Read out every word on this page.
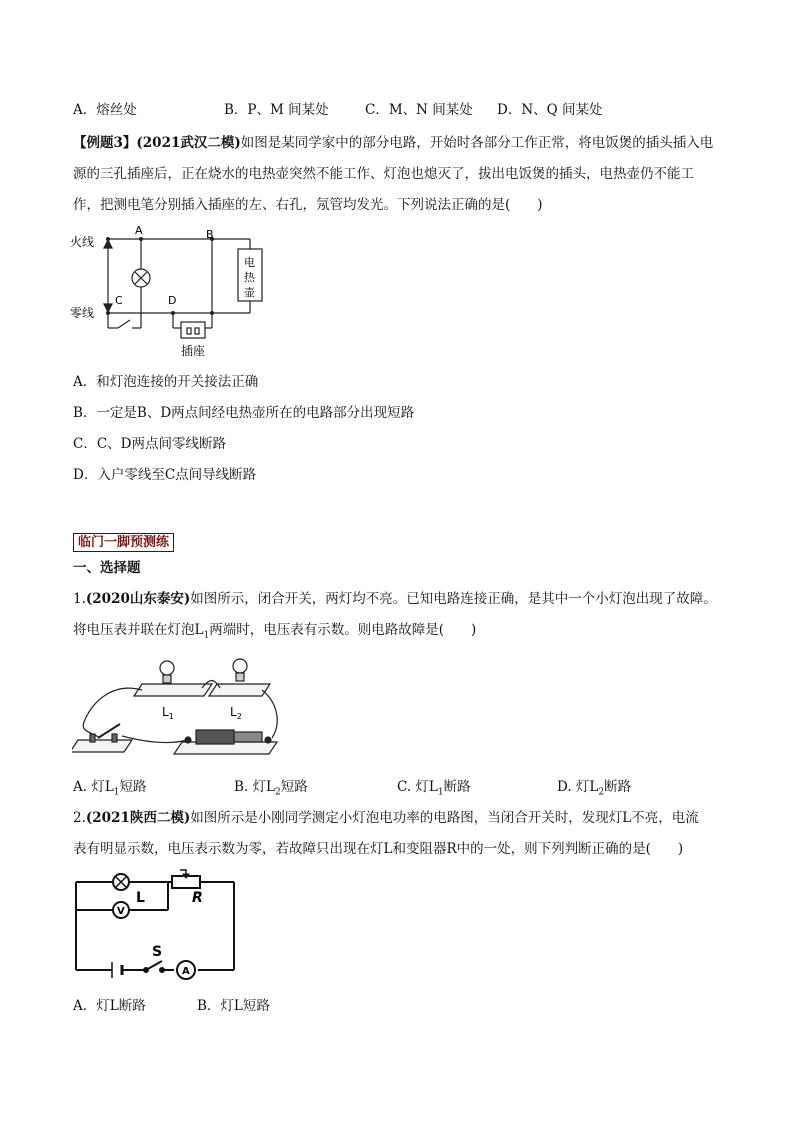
A．熔丝处	B．P、M 间某处	C．M、N 间某处 D．N、Q 间某处
【例题3】(2021武汉二模)如图是某同学家中的部分电路，开始时各部分工作正常，将电饭煲的插头插入电
源的三孔插座后，正在烧水的电热壶突然不能工作、灯泡也熄灭了，拔出电饭煲的插头，电热壶仍不能工
作，把测电笔分别插入插座的左、右孔，氖管均发光。下列说法正确的是(　　)
火线
零线
A	B
C	D
电
热
壶
插座
A．和灯泡连接的开关接法正确
B．一定是B、D两点间经电热壶所在的电路部分出现短路
C．C、D两点间零线断路
D．入户零线至C点间导线断路
临门一脚预测练
一、选择题
1.(2020山东泰安)如图所示，闭合开关，两灯均不亮。已知电路连接正确，是其中一个小灯泡出现了故障。
将电压表并联在灯泡$L_1$两端时，电压表有示数。则电路故障是(　　)
$L_1$	$L_2$
A. 灯$L_1$短路	B. 灯$L_2$短路	C. 灯$L_1$断路	D. 灯$L_2$断路
2.(2021陕西二模)如图所示是小刚同学测定小灯泡电功率的电路图，当闭合开关时，发现灯L不亮，电流
表有明显示数，电压表示数为零，若故障只出现在灯L和变阻器R中的一处，则下列判断正确的是(　　)
L	R
S
V
A
A．灯L断路	B．灯L短路
